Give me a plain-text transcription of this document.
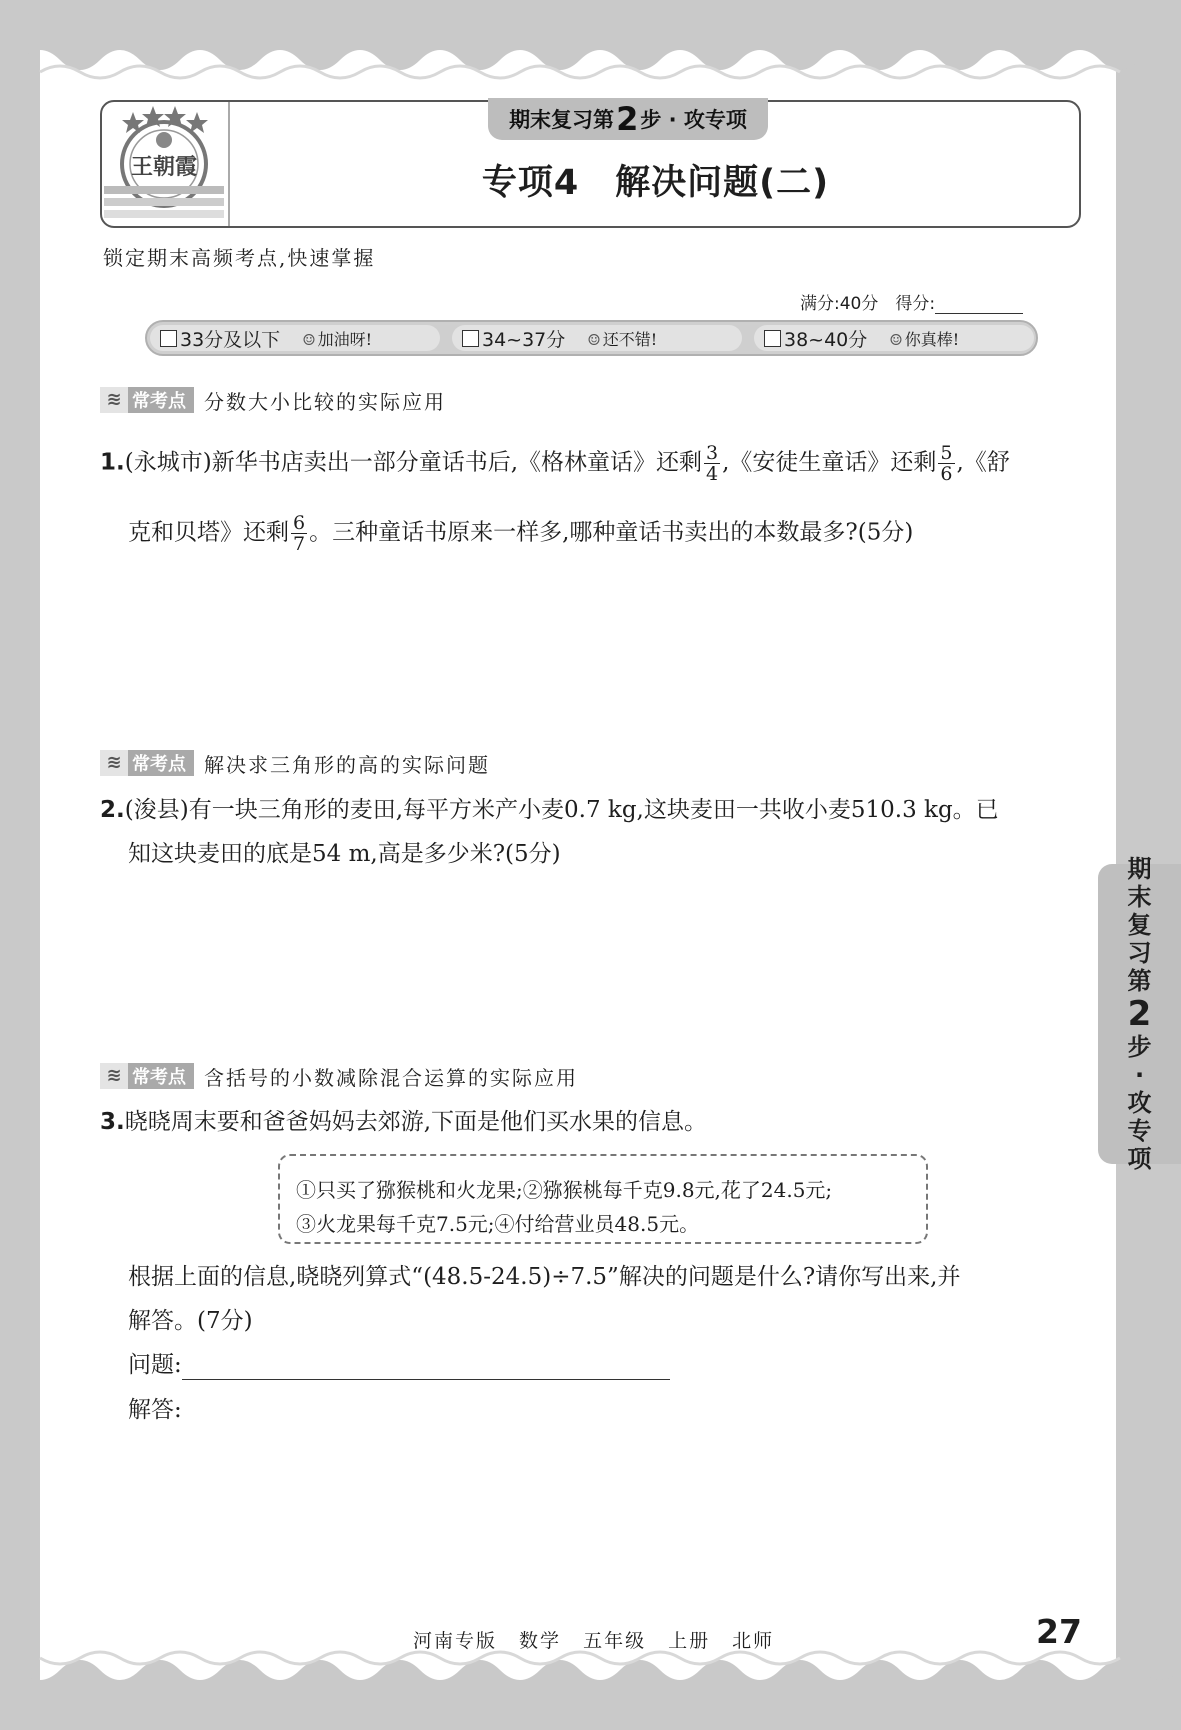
王朝霞
期末复习第 2 步 · 攻专项
专项4　解决问题(二)
锁定期末高频考点,快速掌握
满分:40分　 得分:
33分及以下 ☺ 加油呀!	34~37分 ☺ 还不错!	38~40分 ☺ 你真棒!
≋ 常考点 分数大小比较的实际应用
1.(永城市)新华书店卖出一部分童话书后,《格林童话》还剩 $\frac{3}{4}$ ,《安徒生童话》还剩 $\frac{5}{6}$ ,《舒
克和贝塔》还剩 $\frac{6}{7}$ 。三种童话书原来一样多,哪种童话书卖出的本数最多?(5分)
≋ 常考点 解决求三角形的高的实际问题
2.(浚县)有一块三角形的麦田,每平方米产小麦0.7 kg,这块麦田一共收小麦510.3 kg。已
知这块麦田的底是54 m,高是多少米?(5分)
≋ 常考点 含括号的小数减除混合运算的实际应用
3.晓晓周末要和爸爸妈妈去郊游,下面是他们买水果的信息。
①只买了猕猴桃和火龙果;②猕猴桃每千克9.8元,花了24.5元;
③火龙果每千克7.5元;④付给营业员48.5元。
根据上面的信息,晓晓列算式“(48.5-24.5)÷7.5”解决的问题是什么?请你写出来,并
解答。(7分)
问题:
解答:
期
末
复
习
第
2
步
·
攻
专
项
河南专版 数学 五年级 上册 北师	27
